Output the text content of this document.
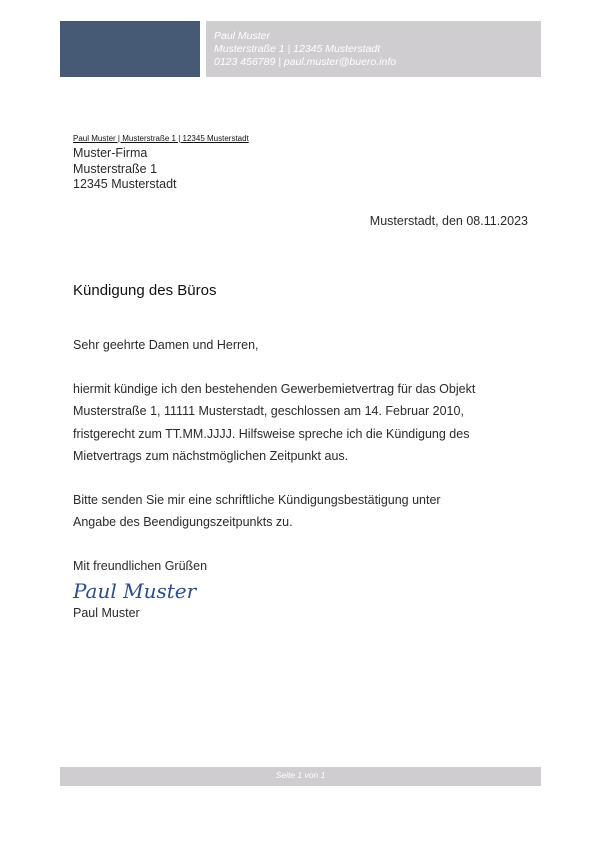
Paul Muster
Musterstraße 1 | 12345 Musterstadt
0123 456789 | paul.muster@buero.info
Paul Muster | Musterstraße 1 | 12345 Musterstadt
Muster-Firma
Musterstraße 1
12345 Musterstadt
Musterstadt, den 08.11.2023
Kündigung des Büros
Sehr geehrte Damen und Herren,
hiermit kündige ich den bestehenden Gewerbemietvertrag für das Objekt
Musterstraße 1, 11111 Musterstadt, geschlossen am 14. Februar 2010,
fristgerecht zum TT.MM.JJJJ. Hilfsweise spreche ich die Kündigung des
Mietvertrags zum nächstmöglichen Zeitpunkt aus.
Bitte senden Sie mir eine schriftliche Kündigungsbestätigung unter
Angabe des Beendigungszeitpunkts zu.
Mit freundlichen Grüßen
Paul Muster
Paul Muster
Seite 1 von 1
